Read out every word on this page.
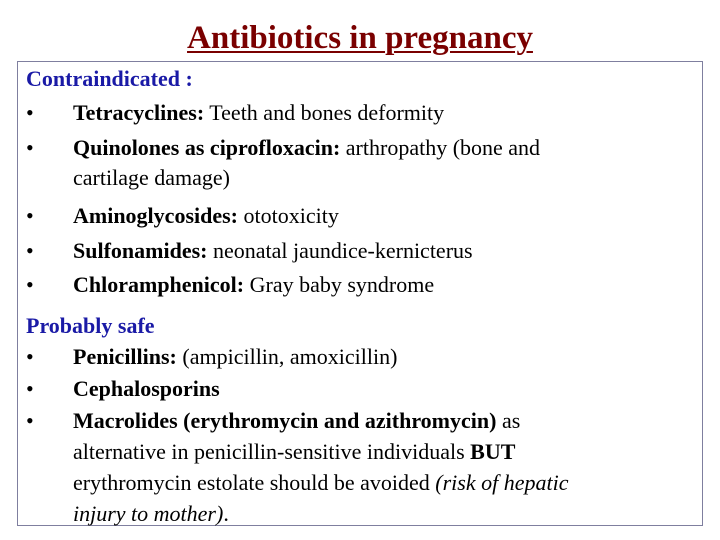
Antibiotics in pregnancy
Contraindicated :
•	Tetracyclines: Teeth and bones deformity
•	Quinolones as ciprofloxacin: arthropathy (bone and
cartilage damage)
•	Aminoglycosides: ototoxicity
•	Sulfonamides: neonatal jaundice-kernicterus
•	Chloramphenicol: Gray baby syndrome
Probably safe
•	Penicillins: (ampicillin, amoxicillin)
•	Cephalosporins
•	Macrolides (erythromycin and azithromycin) as
alternative in penicillin-sensitive individuals BUT
erythromycin estolate should be avoided (risk of hepatic
injury to mother).
